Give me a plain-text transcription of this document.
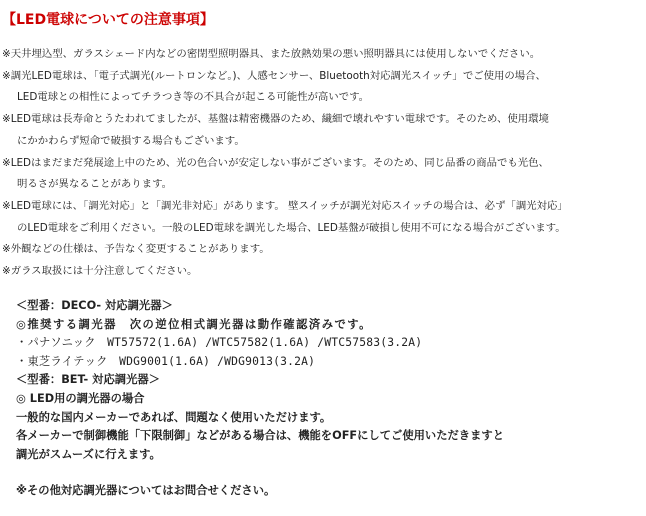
【LED電球についての注意事項】

※天井埋込型、ガラスシェード内などの密閉型照明器具、また放熱効果の悪い照明器具には使用しないでください。

※調光LED電球は、「電子式調光(ルートロンなど。)、人感センサー、Bluetooth対応調光スイッチ」でご使用の場合、
LED電球との相性によってチラつき等の不具合が起こる可能性が高いです。

※LED電球は長寿命とうたわれてましたが、基盤は精密機器のため、繊細で壊れやすい電球です。そのため、使用環境
にかかわらず短命で破損する場合もございます。

※LEDはまだまだ発展途上中のため、光の色合いが安定しない事がございます。そのため、同じ品番の商品でも光色、
明るさが異なることがあります。

※LED電球には、「調光対応」と「調光非対応」があります。 壁スイッチが調光対応スイッチの場合は、必ず「調光対応」
のLED電球をご利用ください。一般のLED電球を調光した場合、LED基盤が破損し使用不可になる場合がございます。

※外観などの仕様は、予告なく変更することがあります。

※ガラス取扱には十分注意してください。

＜型番：DECO- 対応調光器＞

◎推奨する調光器　次の逆位相式調光器は動作確認済みです。

・パナソニック　WT57572(1.6A) /WTC57582(1.6A) /WTC57583(3.2A)

・東芝ライテック　WDG9001(1.6A) /WDG9013(3.2A)

＜型番：BET- 対応調光器＞

◎ LED用の調光器の場合

一般的な国内メーカーであれば、問題なく使用いただけます。

各メーカーで制御機能「下限制御」などがある場合は、機能をOFFにしてご使用いただきますと

調光がスムーズに行えます。

※その他対応調光器についてはお問合せください。
